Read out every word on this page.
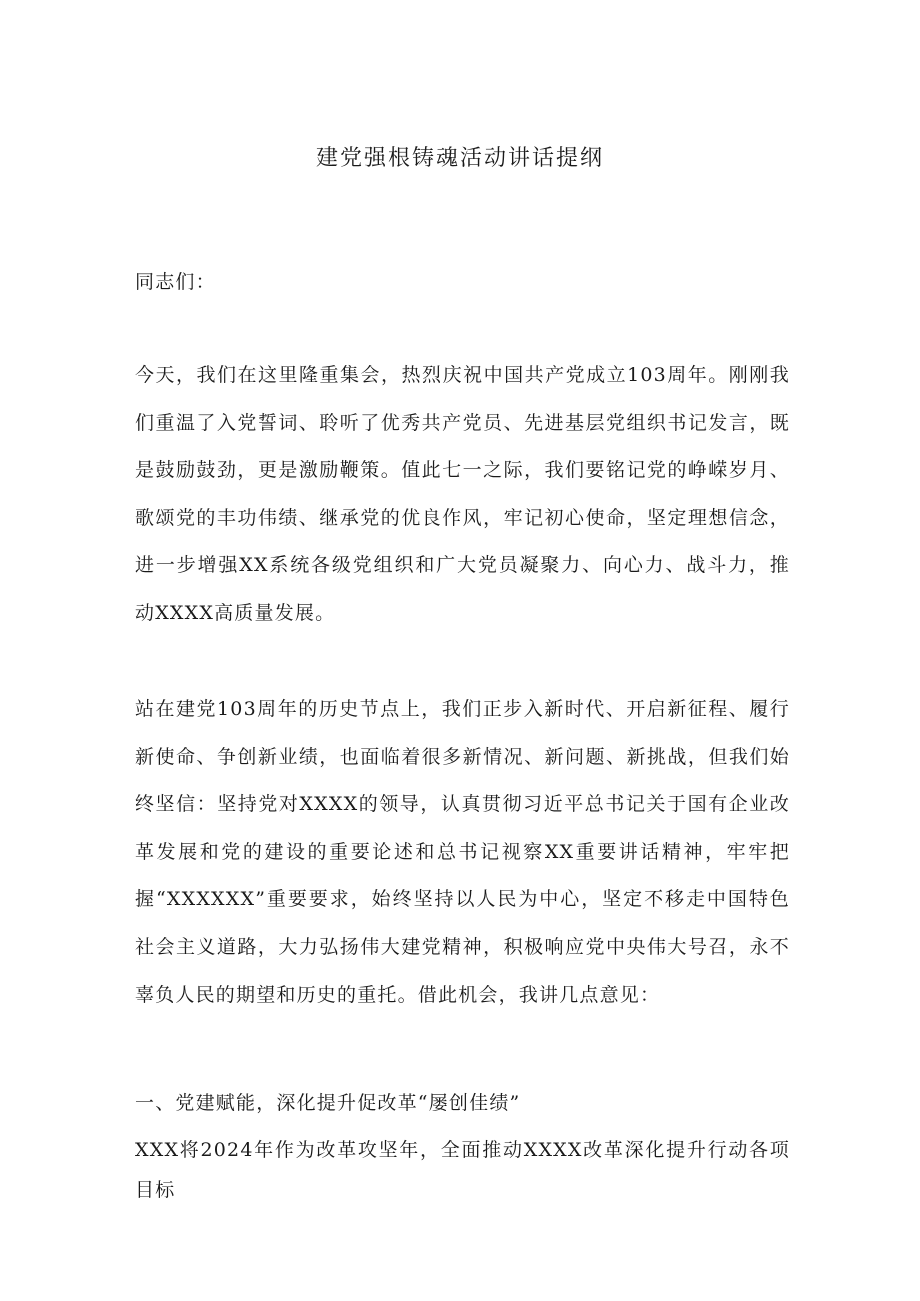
建党强根铸魂活动讲话提纲

同志们：

今天，我们在这里隆重集会，热烈庆祝中国共产党成立103周年。刚刚我们重温了入党誓词、聆听了优秀共产党员、先进基层党组织书记发言，既是鼓励鼓劲，更是激励鞭策。值此七一之际，我们要铭记党的峥嵘岁月、歌颂党的丰功伟绩、继承党的优良作风，牢记初心使命，坚定理想信念，进一步增强XX系统各级党组织和广大党员凝聚力、向心力、战斗力，推动XXXX高质量发展。

站在建党103周年的历史节点上，我们正步入新时代、开启新征程、履行新使命、争创新业绩，也面临着很多新情况、新问题、新挑战，但我们始终坚信：坚持党对XXXX的领导，认真贯彻习近平总书记关于国有企业改革发展和党的建设的重要论述和总书记视察XX重要讲话精神，牢牢把握“XXXXXX”重要要求，始终坚持以人民为中心，坚定不移走中国特色社会主义道路，大力弘扬伟大建党精神，积极响应党中央伟大号召，永不辜负人民的期望和历史的重托。借此机会，我讲几点意见：

一、党建赋能，深化提升促改革“屡创佳绩”

XXX将2024年作为改革攻坚年，全面推动XXXX改革深化提升行动各项目标
